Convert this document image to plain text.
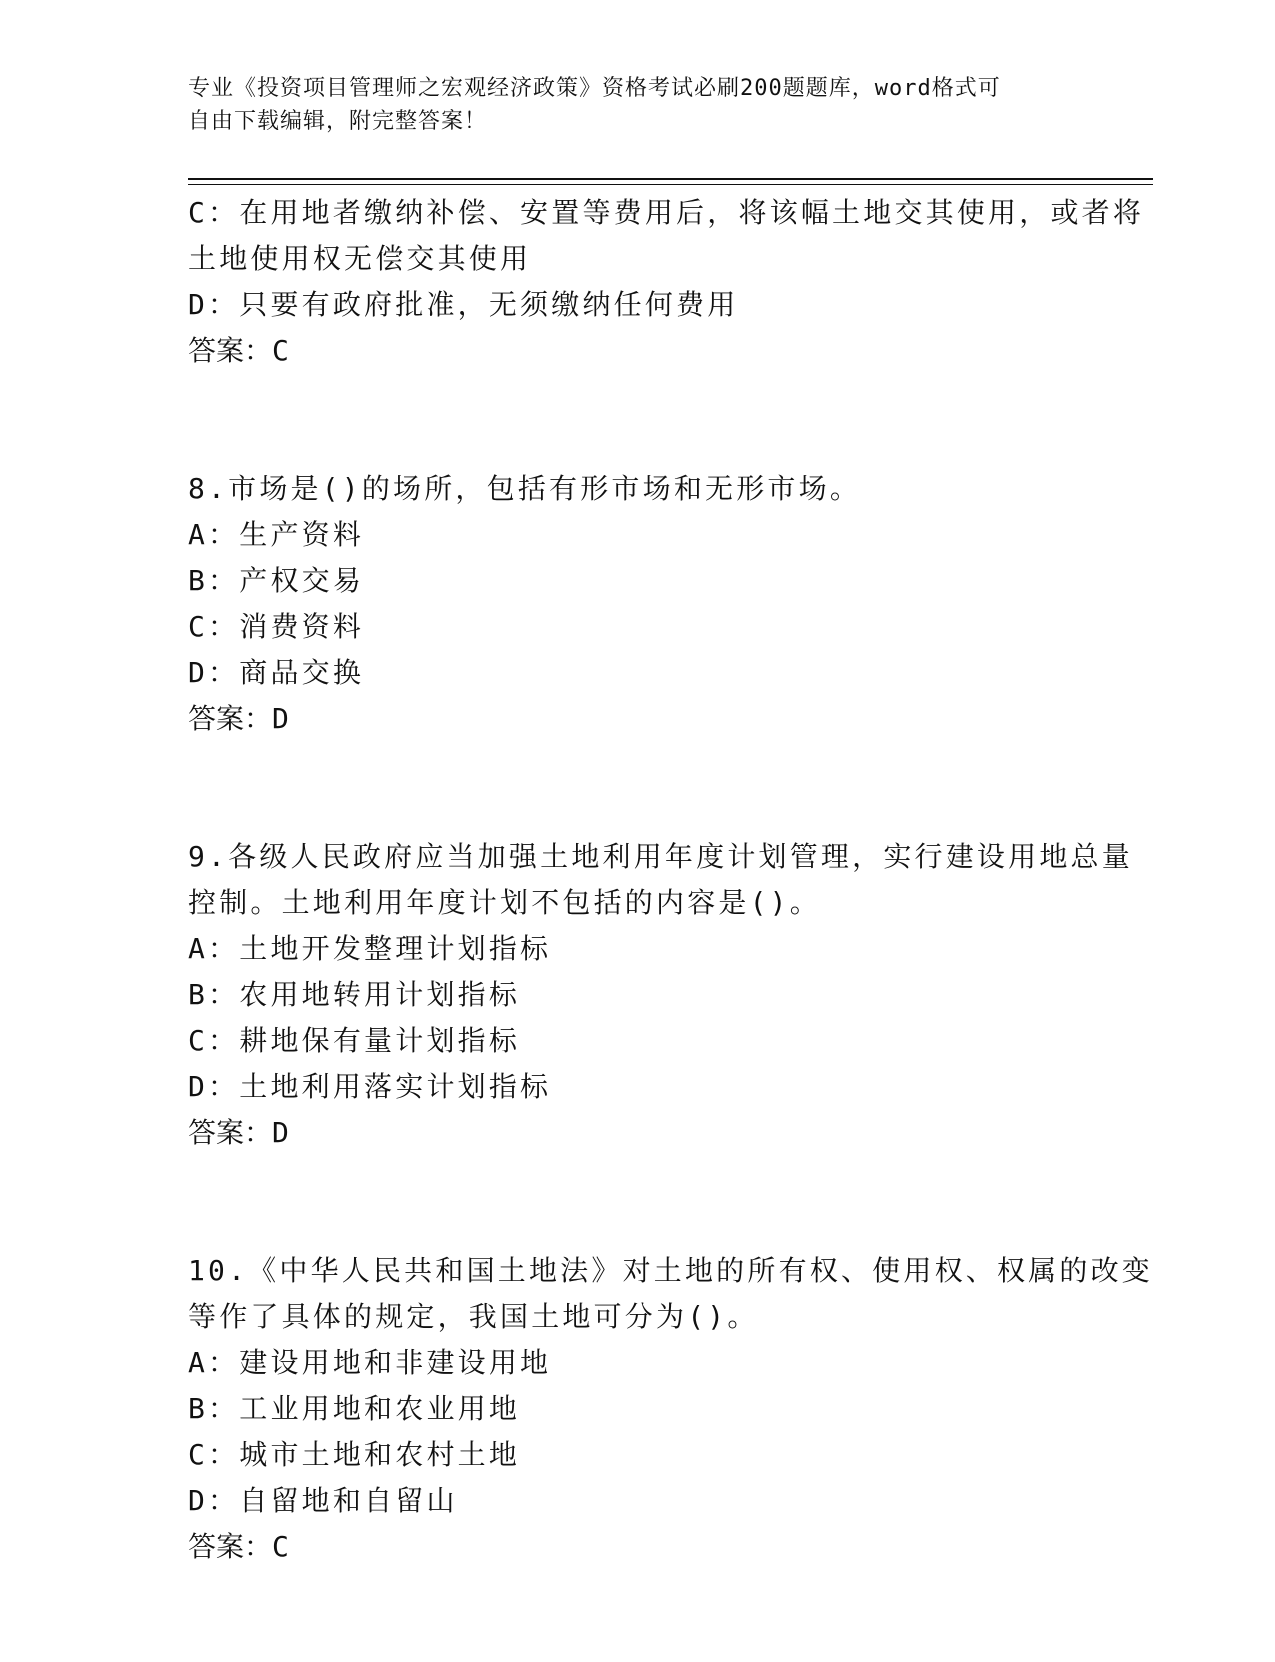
专业《投资项目管理师之宏观经济政策》资格考试必刷200题题库，word格式可
自由下载编辑，附完整答案！
C：在用地者缴纳补偿、安置等费用后，将该幅土地交其使用，或者将
土地使用权无偿交其使用
D：只要有政府批准，无须缴纳任何费用
答案：C
8.市场是()的场所，包括有形市场和无形市场。
A：生产资料
B：产权交易
C：消费资料
D：商品交换
答案：D
9.各级人民政府应当加强土地利用年度计划管理，实行建设用地总量
控制。土地利用年度计划不包括的内容是()。
A：土地开发整理计划指标
B：农用地转用计划指标
C：耕地保有量计划指标
D：土地利用落实计划指标
答案：D
10.《中华人民共和国土地法》对土地的所有权、使用权、权属的改变
等作了具体的规定，我国土地可分为()。
A：建设用地和非建设用地
B：工业用地和农业用地
C：城市土地和农村土地
D：自留地和自留山
答案：C
